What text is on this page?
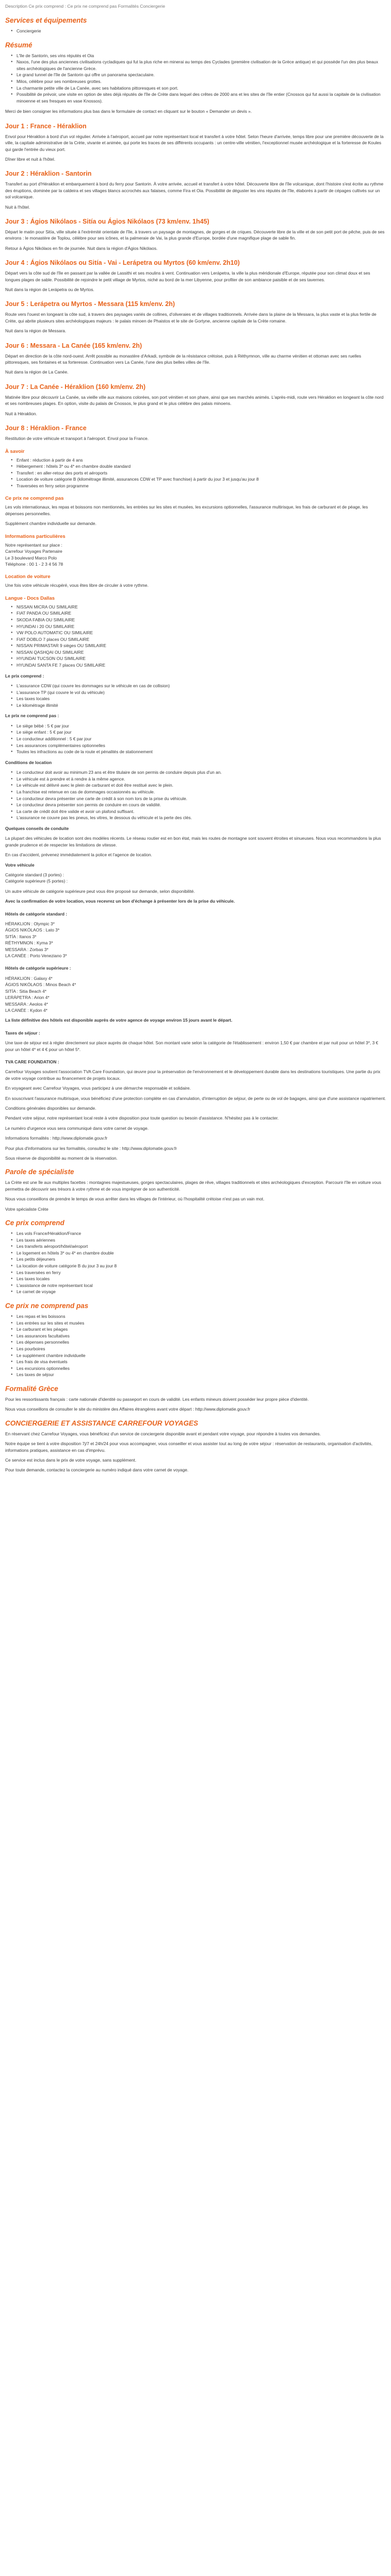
Description Ce prix comprend : Ce prix ne comprend pas Formalités Conciergerie

Services et équipements
● Conciergerie
Résumé
● L'île de Santorin, ses vins réputés et Oia
● Naxos, l'une des plus anciennes civilisations cycladiques qui fut la plus riche en minerai au temps des Cyclades (première civilisation de la Grèce antique) et qui possède l'un des plus beaux sites archéologiques de l'ancienne Grèce.
● Le grand tunnel de l'île de Santorin qui offre un panorama spectaculaire.
● Milos, célèbre pour ses nombreuses grottes.
● La charmante petite ville de La Canée, avec ses habitations pittoresques et son port.
● Possibilité de prévoir, une visite en option de sites déjà réputés de l'île de Crète dans lequel des crêtes de 2000 ans et les sites de l'île entier (Cnossos qui fut aussi la capitale de la civilisation minoenne et ses fresques en vase Knossos).

Merci de bien consigner les informations plus bas dans le formulaire de contact en cliquant sur le bouton « Demander un devis ».

Jour 1 : France - Héraklion

Envol pour Héraklion à bord d'un vol régulier. Arrivée à l'aéroport, accueil par notre représentant local et transfert à votre hôtel. Selon l'heure d'arrivée, temps libre pour une première découverte de la ville, la capitale administrative de la Crète, vivante et animée, qui porte les traces de ses différents occupants : un centre-ville vénitien, l'exceptionnel musée archéologique et la forteresse de Koules qui garde l'entrée du vieux port.

Dîner libre et nuit à l'hôtel.

Jour 2 : Héraklion - Santorin

Transfert au port d'Héraklion et embarquement à bord du ferry pour Santorin. À votre arrivée, accueil et transfert à votre hôtel. Découverte libre de l'île volcanique, dont l'histoire s'est écrite au rythme des éruptions, dominée par la caldeira et ses villages blancs accrochés aux falaises, comme Fira et Oia. Possibilité de déguster les vins réputés de l'île, élaborés à partir de cépages cultivés sur un sol volcanique.

Nuit à l'hôtel.

Jour 3 : Ágios Nikólaos - Sitía ou Ágios Nikólaos (73 km/env. 1h45)

Départ le matin pour Sitía, ville située à l'extrémité orientale de l'île, à travers un paysage de montagnes, de gorges et de criques. Découverte libre de la ville et de son petit port de pêche, puis de ses environs : le monastère de Toplou, célèbre pour ses icônes, et la palmeraie de Vai, la plus grande d'Europe, bordée d'une magnifique plage de sable fin.

Retour à Ágios Nikólaos en fin de journée. Nuit dans la région d'Ágios Nikólaos.

Jour 4 : Ágios Nikólaos ou Sitía - Vai - Lerápetra ou Myrtos (60 km/env. 2h10)

Départ vers la côte sud de l'île en passant par la vallée de Lassithi et ses moulins à vent. Continuation vers Lerápetra, la ville la plus méridionale d'Europe, réputée pour son climat doux et ses longues plages de sable. Possibilité de rejoindre le petit village de Myrtos, niché au bord de la mer Libyenne, pour profiter de son ambiance paisible et de ses tavernes.

Nuit dans la région de Lerápetra ou de Myrtos.

Jour 5 : Lerápetra ou Myrtos - Messara (115 km/env. 2h)

Route vers l'ouest en longeant la côte sud, à travers des paysages variés de collines, d'oliveraies et de villages traditionnels. Arrivée dans la plaine de la Messara, la plus vaste et la plus fertile de Crète, qui abrite plusieurs sites archéologiques majeurs : le palais minoen de Phaistos et le site de Gortyne, ancienne capitale de la Crète romaine.

Nuit dans la région de Messara.

Jour 6 : Messara - La Canée (165 km/env. 2h)

Départ en direction de la côte nord-ouest. Arrêt possible au monastère d'Arkadi, symbole de la résistance crétoise, puis à Réthymnon, ville au charme vénitien et ottoman avec ses ruelles pittoresques, ses fontaines et sa forteresse. Continuation vers La Canée, l'une des plus belles villes de l'île.

Nuit dans la région de La Canée.

Jour 7 : La Canée - Héraklion (160 km/env. 2h)

Matinée libre pour découvrir La Canée, sa vieille ville aux maisons colorées, son port vénitien et son phare, ainsi que ses marchés animés. L'après-midi, route vers Héraklion en longeant la côte nord et ses nombreuses plages. En option, visite du palais de Cnossos, le plus grand et le plus célèbre des palais minoens.

Nuit à Héraklion.

Jour 8 : Héraklion - France

Restitution de votre véhicule et transport à l'aéroport. Envol pour la France.

À savoir
● Enfant : réduction à partir de 4 ans
● Hébergement : hôtels 3* ou 4* en chambre double standard
● Transfert : en aller-retour des ports et aéroports
● Location de voiture catégorie B (kilométrage illimité, assurances CDW et TP avec franchise) à partir du jour 3 et jusqu'au jour 8
● Traversées en ferry selon programme
Ce prix ne comprend pas

Les vols internationaux, les repas et boissons non mentionnés, les entrées sur les sites et musées, les excursions optionnelles, l'assurance multirisque, les frais de carburant et de péage, les dépenses personnelles.

Supplément chambre individuelle sur demande.

Informations particulières

Notre représentant sur place :

Carrefour Voyages Partenaire

Le 3 boulevard Marco Polo

Téléphone : 00 1 - 2 3 4 56 78

Location de voiture

Une fois votre véhicule récupéré, vous êtes libre de circuler à votre rythme.

Langue - Docs Dallas
● NISSAN MICRA OU SIMILAIRE
● FIAT PANDA OU SIMILAIRE
● SKODA FABIA OU SIMILAIRE
● HYUNDAI i 20 OU SIMILAIRE
● VW POLO AUTOMATIC OU SIMILAIRE
● FIAT DOBLO 7 places OU SIMILAIRE
● NISSAN PRIMASTAR 9 sièges OU SIMILAIRE
● NISSAN QASHQAI OU SIMILAIRE
● HYUNDAI TUCSON OU SIMILAIRE
● HYUNDAI SANTA FE 7 places OU SIMILAIRE

Le prix comprend :

● L'assurance CDW (qui couvre les dommages sur le véhicule en cas de collision)
● L'assurance TP (qui couvre le vol du véhicule)
● Les taxes locales
● Le kilométrage illimité

Le prix ne comprend pas :

● Le siège bébé : 5 € par jour
● Le siège enfant : 5 € par jour
● Le conducteur additionnel : 5 € par jour
● Les assurances complémentaires optionnelles
● Toutes les infractions au code de la route et pénalités de stationnement

Conditions de location

● Le conducteur doit avoir au minimum 23 ans et être titulaire de son permis de conduire depuis plus d'un an.
● Le véhicule est à prendre et à rendre à la même agence.
● Le véhicule est délivré avec le plein de carburant et doit être restitué avec le plein.
● La franchise est retenue en cas de dommages occasionnés au véhicule.
● Le conducteur devra présenter une carte de crédit à son nom lors de la prise du véhicule.
● Le conducteur devra présenter son permis de conduire en cours de validité.
● La carte de crédit doit être valide et avoir un plafond suffisant.
● L'assurance ne couvre pas les pneus, les vitres, le dessous du véhicule et la perte des clés.

Quelques conseils de conduite

La plupart des véhicules de location sont des modèles récents. Le réseau routier est en bon état, mais les routes de montagne sont souvent étroites et sinueuses. Nous vous recommandons la plus grande prudence et de respecter les limitations de vitesse.

En cas d'accident, prévenez immédiatement la police et l'agence de location.

Votre véhicule

Catégorie standard (3 portes) :

Catégorie supérieure (5 portes) :

Un autre véhicule de catégorie supérieure peut vous être proposé sur demande, selon disponibilité.

Avec la confirmation de votre location, vous recevrez un bon d'échange à présenter lors de la prise du véhicule.

Hôtels de catégorie standard :

HÉRAKLION : Olympic 3*

ÁGIOS NIKÓLAOS : Lato 3*

SITÍA : Itanos 3*

RÉTHYMNON : Kyma 3*

MESSARA : Zorbas 3*

LA CANÉE : Porto Veneziano 3*

Hôtels de catégorie supérieure :

HÉRAKLION : Galaxy 4*

ÁGIOS NIKÓLAOS : Minos Beach 4*

SITÍA : Sitia Beach 4*

LERÁPETRA : Arion 4*

MESSARA : Aeolos 4*

LA CANÉE : Kydon 4*

La liste définitive des hôtels est disponible auprès de votre agence de voyage environ 15 jours avant le départ.

Taxes de séjour :

Une taxe de séjour est à régler directement sur place auprès de chaque hôtel. Son montant varie selon la catégorie de l'établissement : environ 1,50 € par chambre et par nuit pour un hôtel 3*, 3 € pour un hôtel 4* et 4 € pour un hôtel 5*.

TVA CARE FOUNDATION :

Carrefour Voyages soutient l'association TVA Care Foundation, qui œuvre pour la préservation de l'environnement et le développement durable dans les destinations touristiques. Une partie du prix de votre voyage contribue au financement de projets locaux.

En voyageant avec Carrefour Voyages, vous participez à une démarche responsable et solidaire.

En souscrivant l'assurance multirisque, vous bénéficiez d'une protection complète en cas d'annulation, d'interruption de séjour, de perte ou de vol de bagages, ainsi que d'une assistance rapatriement.

Conditions générales disponibles sur demande.

Pendant votre séjour, notre représentant local reste à votre disposition pour toute question ou besoin d'assistance. N'hésitez pas à le contacter.

Le numéro d'urgence vous sera communiqué dans votre carnet de voyage.

Informations formalités : http://www.diplomatie.gouv.fr

Pour plus d'informations sur les formalités, consultez le site : http://www.diplomatie.gouv.fr

Sous réserve de disponibilité au moment de la réservation.

Parole de spécialiste

La Crète est une île aux multiples facettes : montagnes majestueuses, gorges spectaculaires, plages de rêve, villages traditionnels et sites archéologiques d'exception. Parcourir l'île en voiture vous permettra de découvrir ses trésors à votre rythme et de vous imprégner de son authenticité.

Nous vous conseillons de prendre le temps de vous arrêter dans les villages de l'intérieur, où l'hospitalité crétoise n'est pas un vain mot.

Votre spécialiste Crète

Ce prix comprend
● Les vols France/Héraklion/France
● Les taxes aériennes
● Les transferts aéroport/hôtel/aéroport
● Le logement en hôtels 3* ou 4* en chambre double
● Les petits déjeuners
● La location de voiture catégorie B du jour 3 au jour 8
● Les traversées en ferry
● Les taxes locales
● L'assistance de notre représentant local
● Le carnet de voyage
Ce prix ne comprend pas
● Les repas et les boissons
● Les entrées sur les sites et musées
● Le carburant et les péages
● Les assurances facultatives
● Les dépenses personnelles
● Les pourboires
● Le supplément chambre individuelle
● Les frais de visa éventuels
● Les excursions optionnelles
● Les taxes de séjour
Formalité Grèce

Pour les ressortissants français : carte nationale d'identité ou passeport en cours de validité. Les enfants mineurs doivent posséder leur propre pièce d'identité.

Nous vous conseillons de consulter le site du ministère des Affaires étrangères avant votre départ : http://www.diplomatie.gouv.fr

CONCIERGERIE ET ASSISTANCE CARREFOUR VOYAGES

En réservant chez Carrefour Voyages, vous bénéficiez d'un service de conciergerie disponible avant et pendant votre voyage, pour répondre à toutes vos demandes.

Notre équipe se tient à votre disposition 7j/7 et 24h/24 pour vous accompagner, vous conseiller et vous assister tout au long de votre séjour : réservation de restaurants, organisation d'activités, informations pratiques, assistance en cas d'imprévu.

Ce service est inclus dans le prix de votre voyage, sans supplément.

Pour toute demande, contactez la conciergerie au numéro indiqué dans votre carnet de voyage.
